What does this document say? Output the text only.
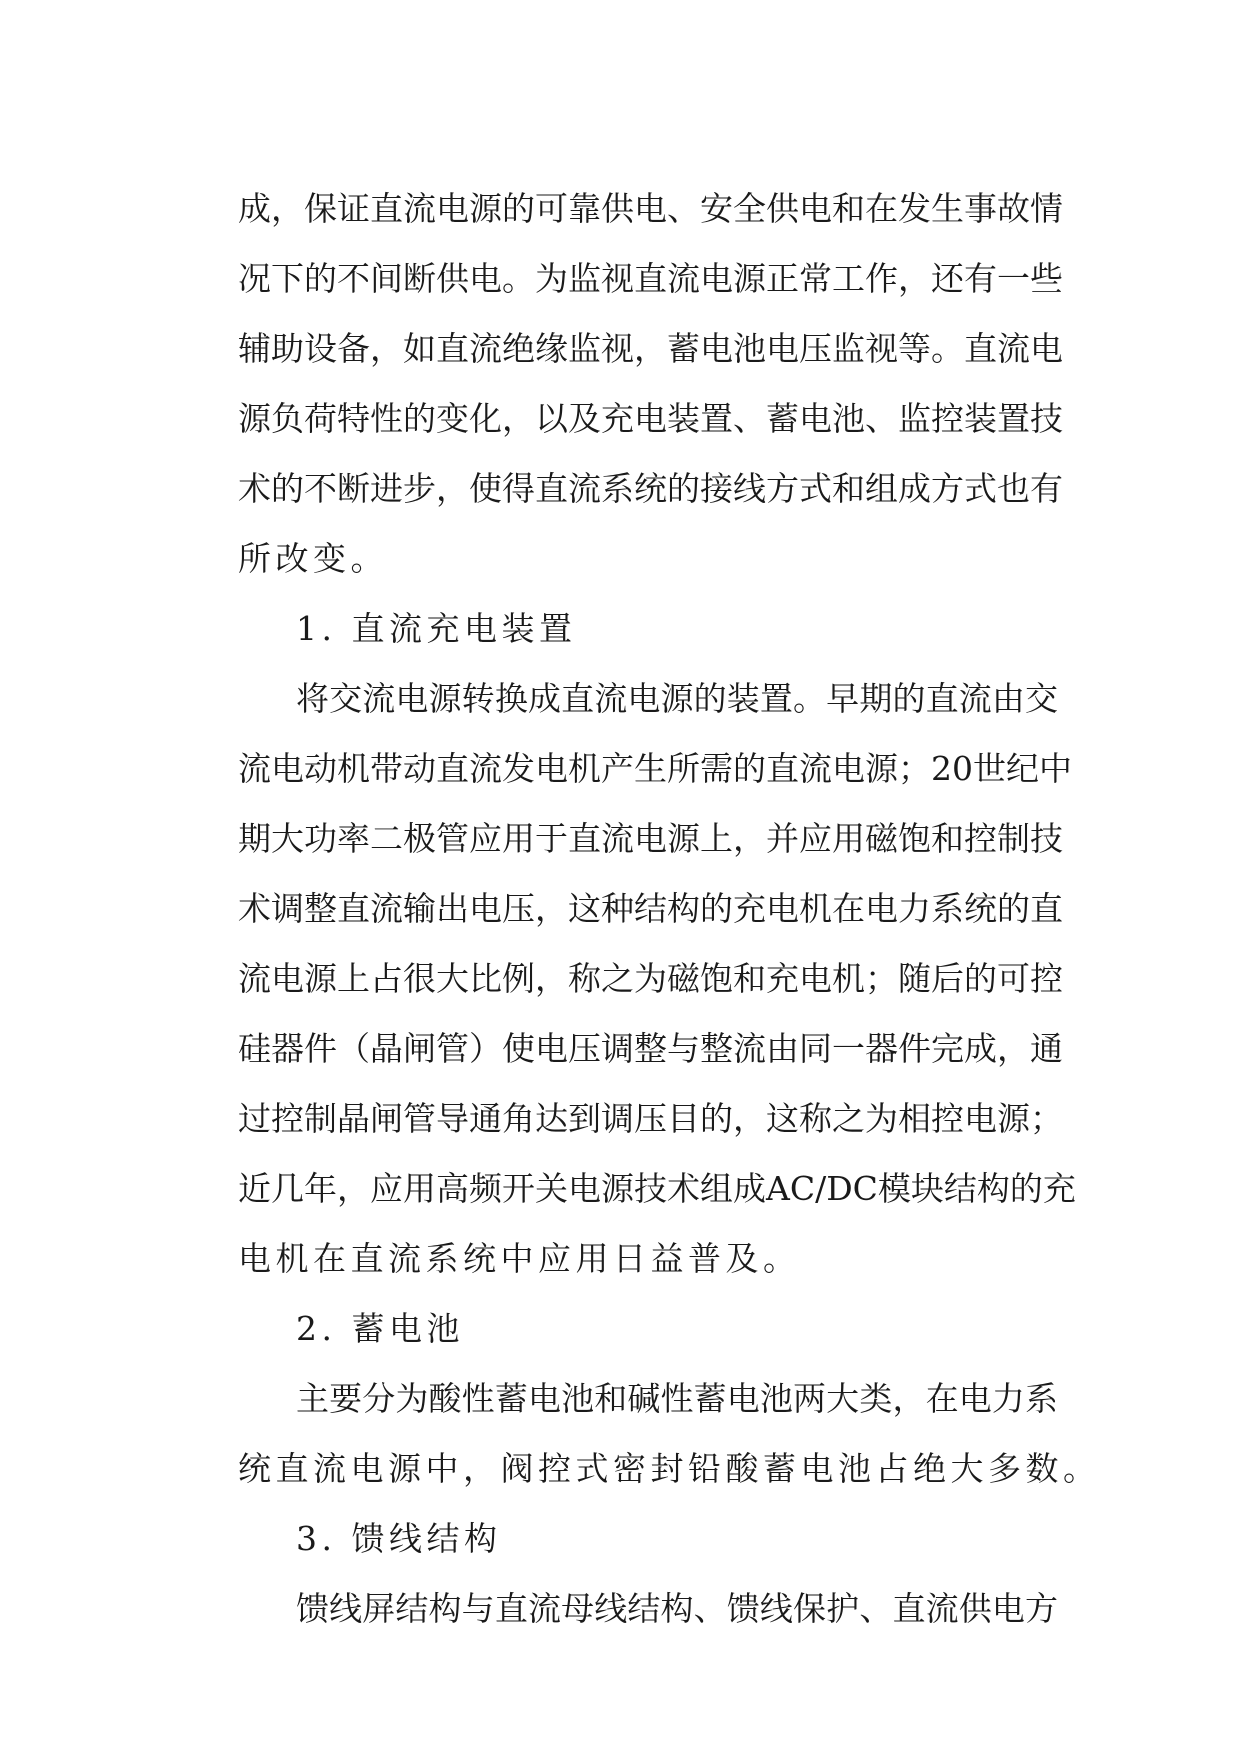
成，保证直流电源的可靠供电、安全供电和在发生事故情
况下的不间断供电。为监视直流电源正常工作，还有一些
辅助设备，如直流绝缘监视，蓄电池电压监视等。直流电
源负荷特性的变化，以及充电装置、蓄电池、监控装置技
术的不断进步，使得直流系统的接线方式和组成方式也有
所改变。
1. 直流充电装置
将交流电源转换成直流电源的装置。早期的直流由交
流电动机带动直流发电机产生所需的直流电源；20世纪中
期大功率二极管应用于直流电源上，并应用磁饱和控制技
术调整直流输出电压，这种结构的充电机在电力系统的直
流电源上占很大比例，称之为磁饱和充电机；随后的可控
硅器件（晶闸管）使电压调整与整流由同一器件完成，通
过控制晶闸管导通角达到调压目的，这称之为相控电源；
近几年，应用高频开关电源技术组成AC/DC模块结构的充
电机在直流系统中应用日益普及。
2. 蓄电池
主要分为酸性蓄电池和碱性蓄电池两大类，在电力系
统直流电源中，阀控式密封铅酸蓄电池占绝大多数。
3. 馈线结构
馈线屏结构与直流母线结构、馈线保护、直流供电方
